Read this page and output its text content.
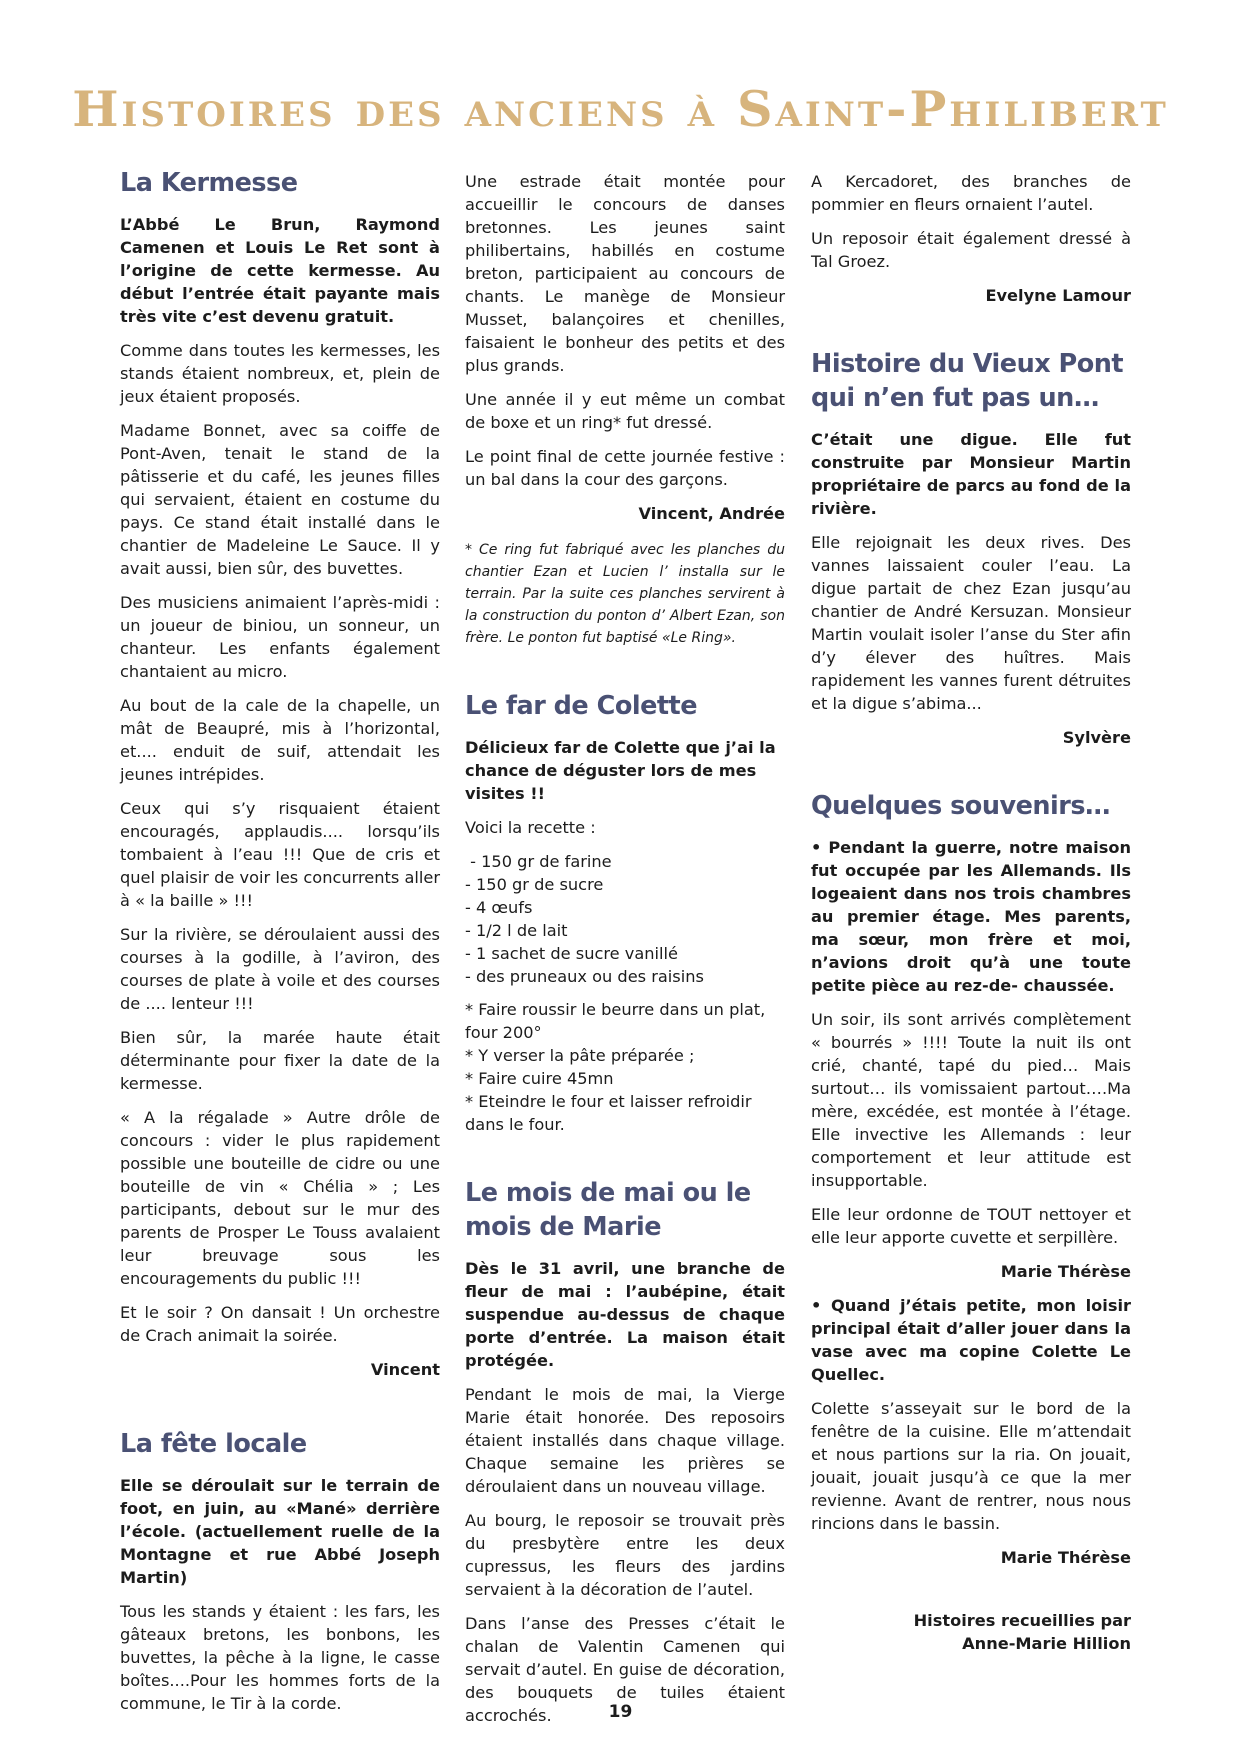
Histoires des anciens à Saint-Philibert
La Kermesse

L’Abbé Le Brun, Raymond Camenen et Louis Le Ret sont à l’origine de cette kermesse. Au début l’entrée était payante mais très vite c’est devenu gratuit.

Comme dans toutes les kermesses, les stands étaient nombreux, et, plein de jeux étaient proposés.

Madame Bonnet, avec sa coiffe de Pont-Aven, tenait le stand de la pâtisserie et du café, les jeunes filles qui servaient, étaient en costume du pays. Ce stand était installé dans le chantier de Madeleine Le Sauce. Il y avait aussi, bien sûr, des buvettes.

Des musiciens animaient l’après-midi : un joueur de biniou, un sonneur, un chanteur. Les enfants également chantaient au micro.

Au bout de la cale de la chapelle, un mât de Beaupré, mis à l’horizontal, et.... enduit de suif, attendait les jeunes intrépides.

Ceux qui s’y risquaient étaient encouragés, applaudis.... lorsqu’ils tombaient à l’eau !!! Que de cris et quel plaisir de voir les concurrents aller à « la baille » !!!

Sur la rivière, se déroulaient aussi des courses à la godille, à l’aviron, des courses de plate à voile et des courses de .... lenteur !!!

Bien sûr, la marée haute était déterminante pour fixer la date de la kermesse.

« A la régalade » Autre drôle de concours : vider le plus rapidement possible une bouteille de cidre ou une bouteille de vin « Chélia » ; Les participants, debout sur le mur des parents de Prosper Le Touss avalaient leur breuvage sous les encouragements du public !!!

Et le soir ? On dansait ! Un orchestre de Crach animait la soirée.

Vincent

La fête locale

Elle se déroulait sur le terrain de foot, en juin, au «Mané» derrière l’école. (actuellement ruelle de la Montagne et rue Abbé Joseph Martin)

Tous les stands y étaient : les fars, les gâteaux bretons, les bonbons, les buvettes, la pêche à la ligne, le casse boîtes....Pour les hommes forts de la commune, le Tir à la corde.

Une estrade était montée pour accueillir le concours de danses bretonnes. Les jeunes saint philibertains, habillés en costume breton, participaient au concours de chants. Le manège de Monsieur Musset, balançoires et chenilles, faisaient le bonheur des petits et des plus grands.

Une année il y eut même un combat de boxe et un ring* fut dressé.

Le point final de cette journée festive : un bal dans la cour des garçons.

Vincent, Andrée

* Ce ring fut fabriqué avec les planches du chantier Ezan et Lucien l’ installa sur le terrain. Par la suite ces planches servirent à la construction du ponton d’ Albert Ezan, son frère. Le ponton fut baptisé «Le Ring».

Le far de Colette

Délicieux far de Colette que j’ai la chance de déguster lors de mes visites !!

Voici la recette :

- 150 gr de farine
- 150 gr de sucre
- 4 œufs
- 1/2 l de lait
- 1 sachet de sucre vanillé
- des pruneaux ou des raisins
* Faire roussir le beurre dans un plat, four 200°
* Y verser la pâte préparée ;
* Faire cuire 45mn
* Eteindre le four et laisser refroidir dans le four.
Le mois de mai ou le mois de Marie

Dès le 31 avril, une branche de fleur de mai : l’aubépine, était suspendue au-dessus de chaque porte d’entrée. La maison était protégée.

Pendant le mois de mai, la Vierge Marie était honorée. Des reposoirs étaient installés dans chaque village. Chaque semaine les prières se déroulaient dans un nouveau village.

Au bourg, le reposoir se trouvait près du presbytère entre les deux cupressus, les fleurs des jardins servaient à la décoration de l’autel.

Dans l’anse des Presses c’était le chalan de Valentin Camenen qui servait d’autel. En guise de décoration, des bouquets de tuiles étaient accrochés.

A Kercadoret, des branches de pommier en fleurs ornaient l’autel.

Un reposoir était également dressé à Tal Groez.

Evelyne Lamour

Histoire du Vieux Pont qui n’en fut pas un…

C’était une digue. Elle fut construite par Monsieur Martin propriétaire de parcs au fond de la rivière.

Elle rejoignait les deux rives. Des vannes laissaient couler l’eau. La digue partait de chez Ezan jusqu’au chantier de André Kersuzan. Monsieur Martin voulait isoler l’anse du Ster afin d’y élever des huîtres. Mais rapidement les vannes furent détruites et la digue s’abima...

Sylvère

Quelques souvenirs…

• Pendant la guerre, notre maison fut occupée par les Allemands. Ils logeaient dans nos trois chambres au premier étage. Mes parents, ma sœur, mon frère et moi, n’avions droit qu’à une toute petite pièce au rez-de- chaussée.

Un soir, ils sont arrivés complètement « bourrés » !!!! Toute la nuit ils ont crié, chanté, tapé du pied… Mais surtout… ils vomissaient partout….Ma mère, excédée, est montée à l’étage. Elle invective les Allemands : leur comportement et leur attitude est insupportable.

Elle leur ordonne de TOUT nettoyer et elle leur apporte cuvette et serpillère.

Marie Thérèse

• Quand j’étais petite, mon loisir principal était d’aller jouer dans la vase avec ma copine Colette Le Quellec.

Colette s’asseyait sur le bord de la fenêtre de la cuisine. Elle m’attendait et nous partions sur la ria. On jouait, jouait, jouait jusqu’à ce que la mer revienne. Avant de rentrer, nous nous rincions dans le bassin.

Marie Thérèse

Histoires recueillies par

Anne-Marie Hillion

19
